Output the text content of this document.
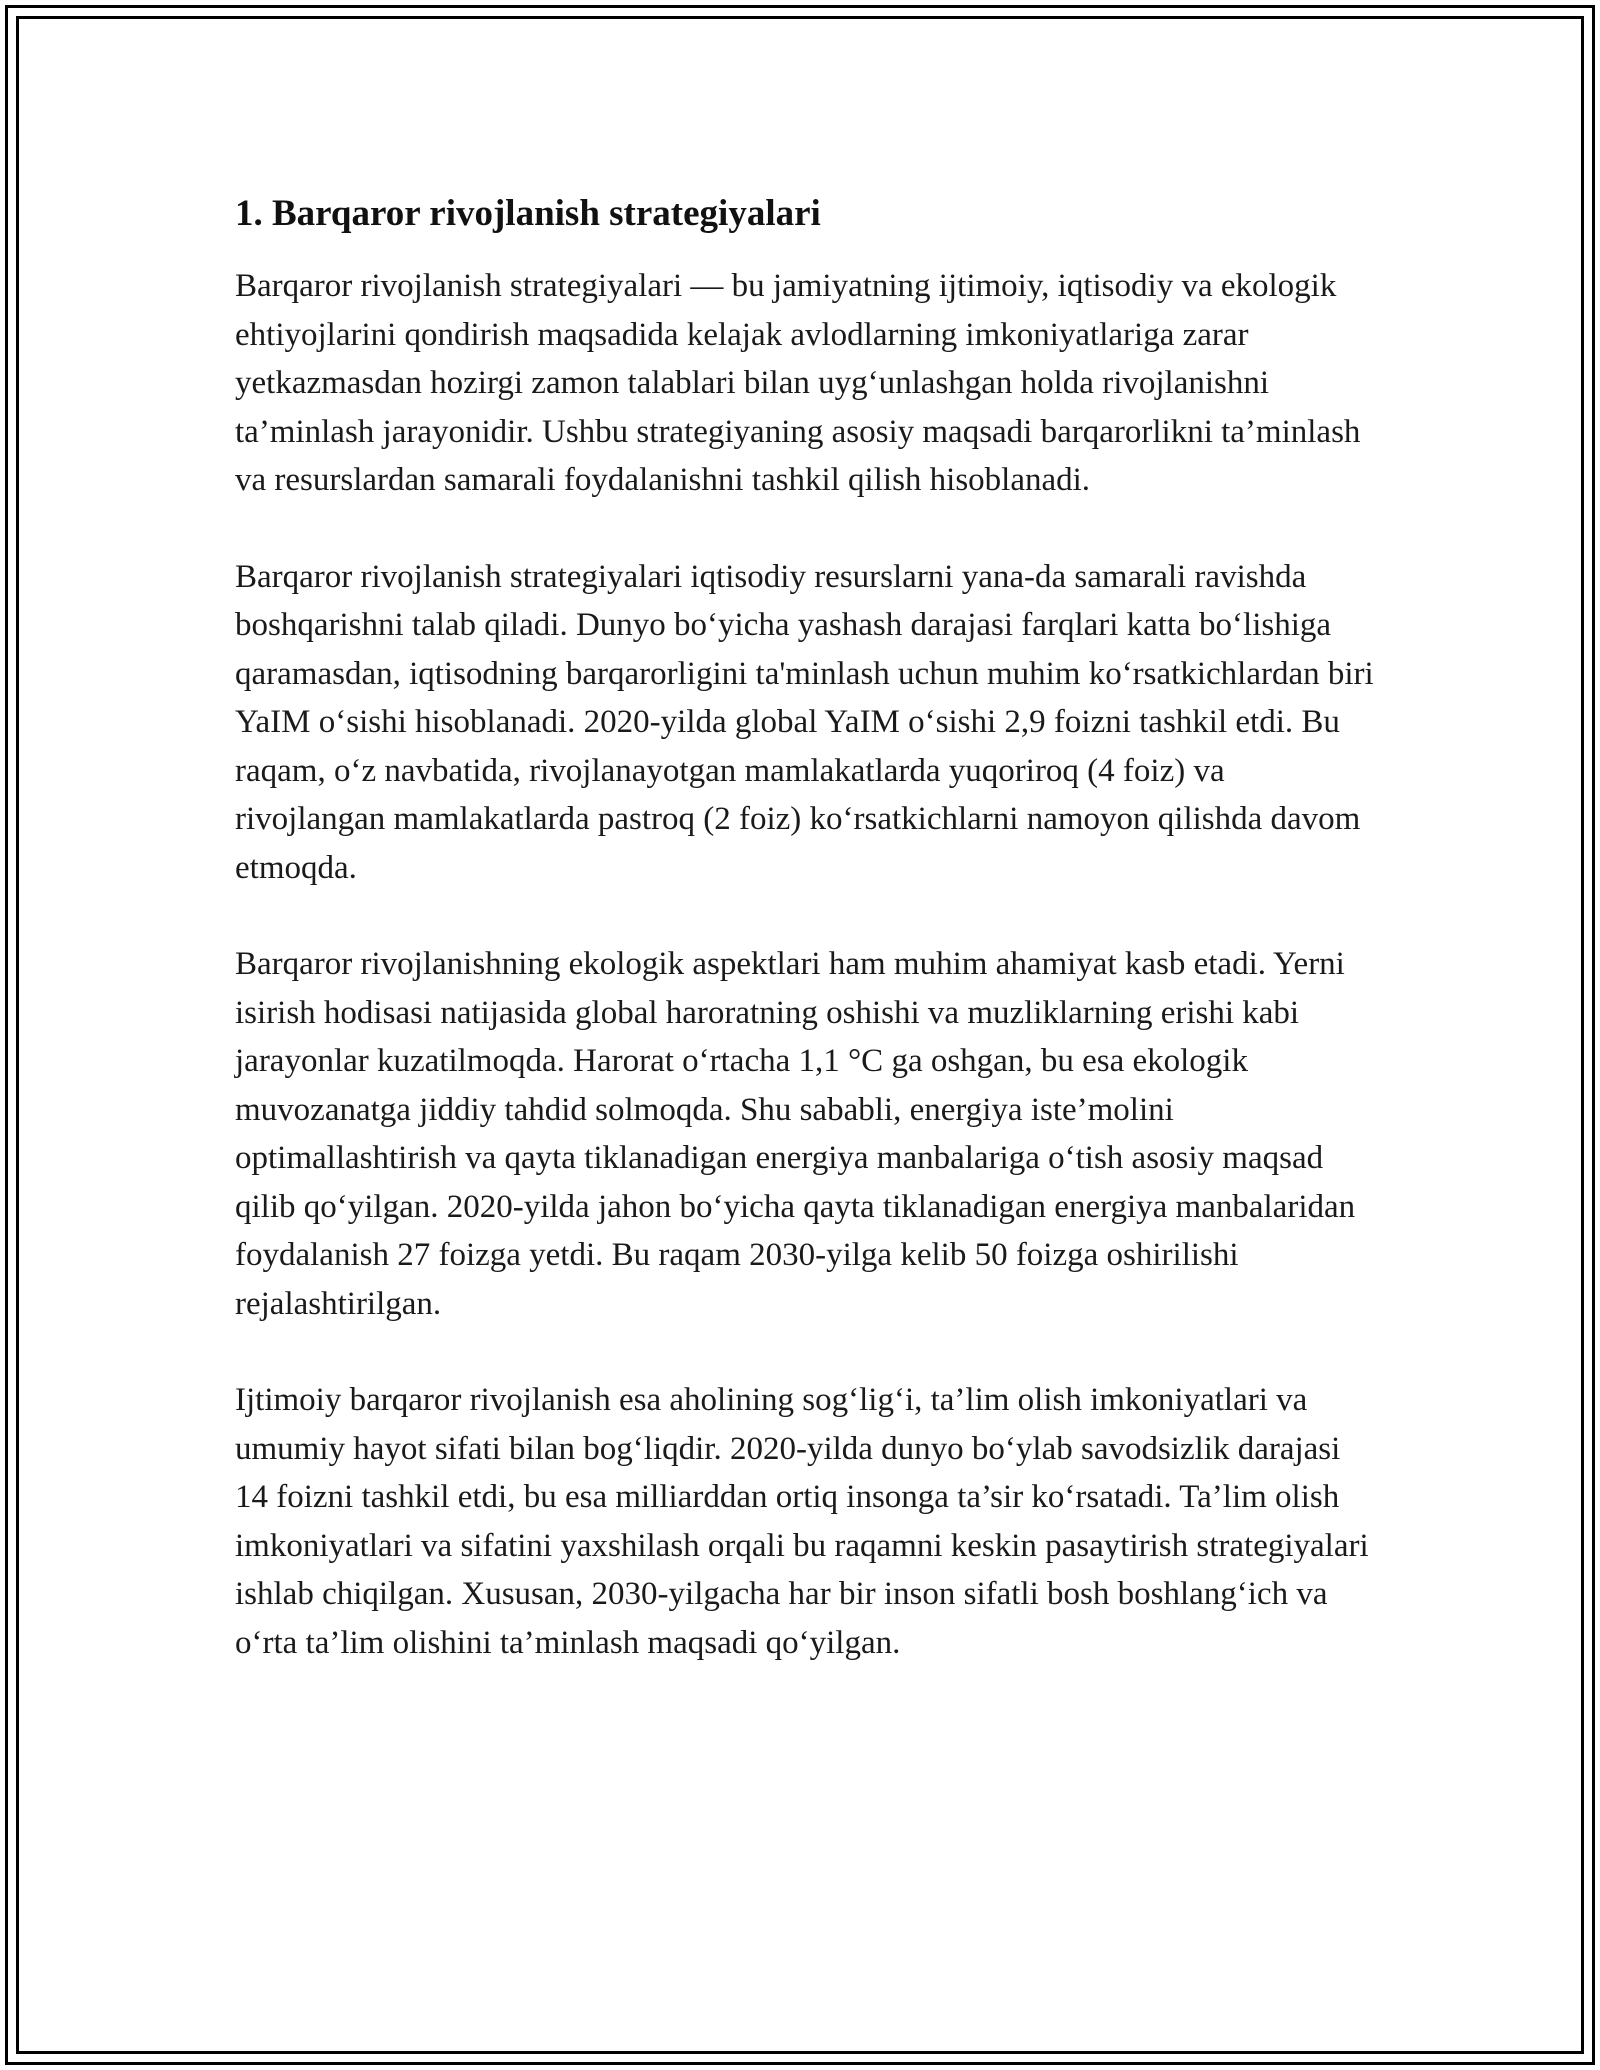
1. Barqaror rivojlanish strategiyalari

Barqaror rivojlanish strategiyalari — bu jamiyatning ijtimoiy, iqtisodiy va ekologik ehtiyojlarini qondirish maqsadida kelajak avlodlarning imkoniyatlariga zarar yetkazmasdan hozirgi zamon talablari bilan uyg‘unlashgan holda rivojlanishni ta’minlash jarayonidir. Ushbu strategiyaning asosiy maqsadi barqarorlikni ta’minlash va resurslardan samarali foydalanishni tashkil qilish hisoblanadi.

Barqaror rivojlanish strategiyalari iqtisodiy resurslarni yana-da samarali ravishda boshqarishni talab qiladi. Dunyo bo‘yicha yashash darajasi farqlari katta bo‘lishiga qaramasdan, iqtisodning barqarorligini ta'minlash uchun muhim ko‘rsatkichlardan biri YaIM o‘sishi hisoblanadi. 2020-yilda global YaIM o‘sishi 2,9 foizni tashkil etdi. Bu raqam, o‘z navbatida, rivojlanayotgan mamlakatlarda yuqoriroq (4 foiz) va rivojlangan mamlakatlarda pastroq (2 foiz) ko‘rsatkichlarni namoyon qilishda davom etmoqda.

Barqaror rivojlanishning ekologik aspektlari ham muhim ahamiyat kasb etadi. Yerni isirish hodisasi natijasida global haroratning oshishi va muzliklarning erishi kabi jarayonlar kuzatilmoqda. Harorat o‘rtacha 1,1 °C ga oshgan, bu esa ekologik muvozanatga jiddiy tahdid solmoqda. Shu sababli, energiya iste’molini optimallashtirish va qayta tiklanadigan energiya manbalariga o‘tish asosiy maqsad qilib qo‘yilgan. 2020-yilda jahon bo‘yicha qayta tiklanadigan energiya manbalaridan foydalanish 27 foizga yetdi. Bu raqam 2030-yilga kelib 50 foizga oshirilishi rejalashtirilgan.

Ijtimoiy barqaror rivojlanish esa aholining sog‘lig‘i, ta’lim olish imkoniyatlari va umumiy hayot sifati bilan bog‘liqdir. 2020-yilda dunyo bo‘ylab savodsizlik darajasi 14 foizni tashkil etdi, bu esa milliarddan ortiq insonga ta’sir ko‘rsatadi. Ta’lim olish imkoniyatlari va sifatini yaxshilash orqali bu raqamni keskin pasaytirish strategiyalari ishlab chiqilgan. Xususan, 2030-yilgacha har bir inson sifatli bosh boshlang‘ich va o‘rta ta’lim olishini ta’minlash maqsadi qo‘yilgan.
